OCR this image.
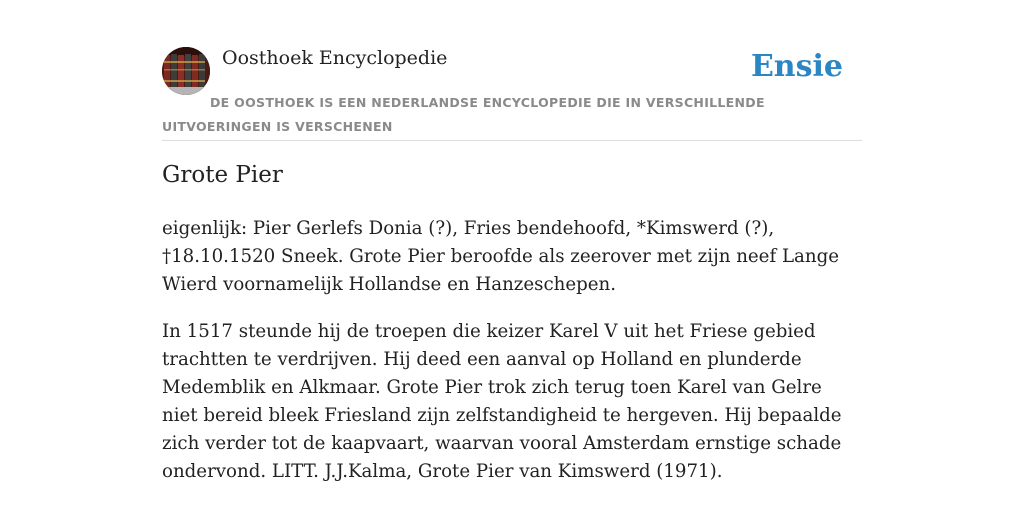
Oosthoek Encyclopedie	Ensie

DE OOSTHOEK IS EEN NEDERLANDSE ENCYCLOPEDIE DIE IN VERSCHILLENDE UITVOERINGEN IS VERSCHENEN

Grote Pier

eigenlijk: Pier Gerlefs Donia (?), Fries bendehoofd, *Kimswerd (?), †18.10.1520 Sneek. Grote Pier beroofde als zeerover met zijn neef Lange Wierd voornamelijk Hollandse en Hanzeschepen.

In 1517 steunde hij de troepen die keizer Karel V uit het Friese gebied trachtten te verdrijven. Hij deed een aanval op Holland en plunderde Medemblik en Alkmaar. Grote Pier trok zich terug toen Karel van Gelre niet bereid bleek Friesland zijn zelfstandigheid te hergeven. Hij bepaalde zich verder tot de kaapvaart, waarvan vooral Amsterdam ernstige schade ondervond. LITT. J.J.Kalma, Grote Pier van Kimswerd (1971).
